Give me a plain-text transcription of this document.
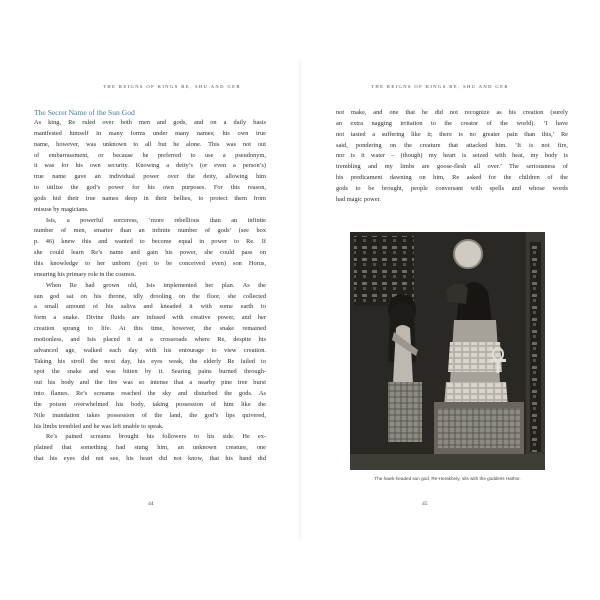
THE REIGNS OF KINGS RE, SHU AND GEB
The Secret Name of the Sun God
As king, Re ruled over both men and gods, and on a daily basis
manifested himself in many forms under many names; his own true
name, however, was unknown to all but he alone. This was not out
of embarrassment, or because he preferred to use a pseudonym,
it was for his own security. Knowing a deity’s (or even a person’s)
true name gave an individual power over the deity, allowing him
to utilize the god’s power for his own purposes. For this reason,
gods hid their true names deep in their bellies, to protect them from
misuse by magicians.
Isis, a powerful sorceress, ‘more rebellious than an infinite
number of men, smarter than an infinite number of gods’ (see box
p. 46) knew this and wanted to become equal in power to Re. If
she could learn Re’s name and gain his power, she could pass on
this knowledge to her unborn (yet to be conceived even) son Horus,
ensuring his primary role in the cosmos.
When Re had grown old, Isis implemented her plan. As the
sun god sat on his throne, idly drooling on the floor, she collected
a small amount of his saliva and kneaded it with some earth to
form a snake. Divine fluids are infused with creative power, and her
creation sprang to life. At this time, however, the snake remained
motionless, and Isis placed it at a crossroads where Re, despite his
advanced age, walked each day with his entourage to view creation.
Taking his stroll the next day, his eyes weak, the elderly Re failed to
spot the snake and was bitten by it. Searing pains burned through-
out his body and the fire was so intense that a nearby pine tree burst
into flames. Re’s screams reached the sky and disturbed the gods. As
the poison overwhelmed his body, taking possession of him like the
Nile inundation takes possession of the land, the god’s lips quivered,
his limbs trembled and he was left unable to speak.
Re’s pained screams brought his followers to his side. He ex-
plained that something had stung him, an unknown creature, one
that his eyes did not see, his heart did not know, that his hand did
44
THE REIGNS OF KINGS RE, SHU AND GEB
not make, and one that he did not recognize as his creation (surely
an extra nagging irritation to the creator of the world). ‘I have
not tasted a suffering like it; there is no greater pain than this,’ Re
said, pondering on the creature that attacked him. ‘It is not fire,
nor is it water – (though) my heart is seized with heat, my body is
trembling and my limbs are goose-flesh all over.’ The seriousness of
his predicament dawning on him, Re asked for the children of the
gods to be brought, people conversant with spells and whose words
had magic power.
The hawk-headed sun god, Re-Horakhety, sits with the goddess Hathor.
45
